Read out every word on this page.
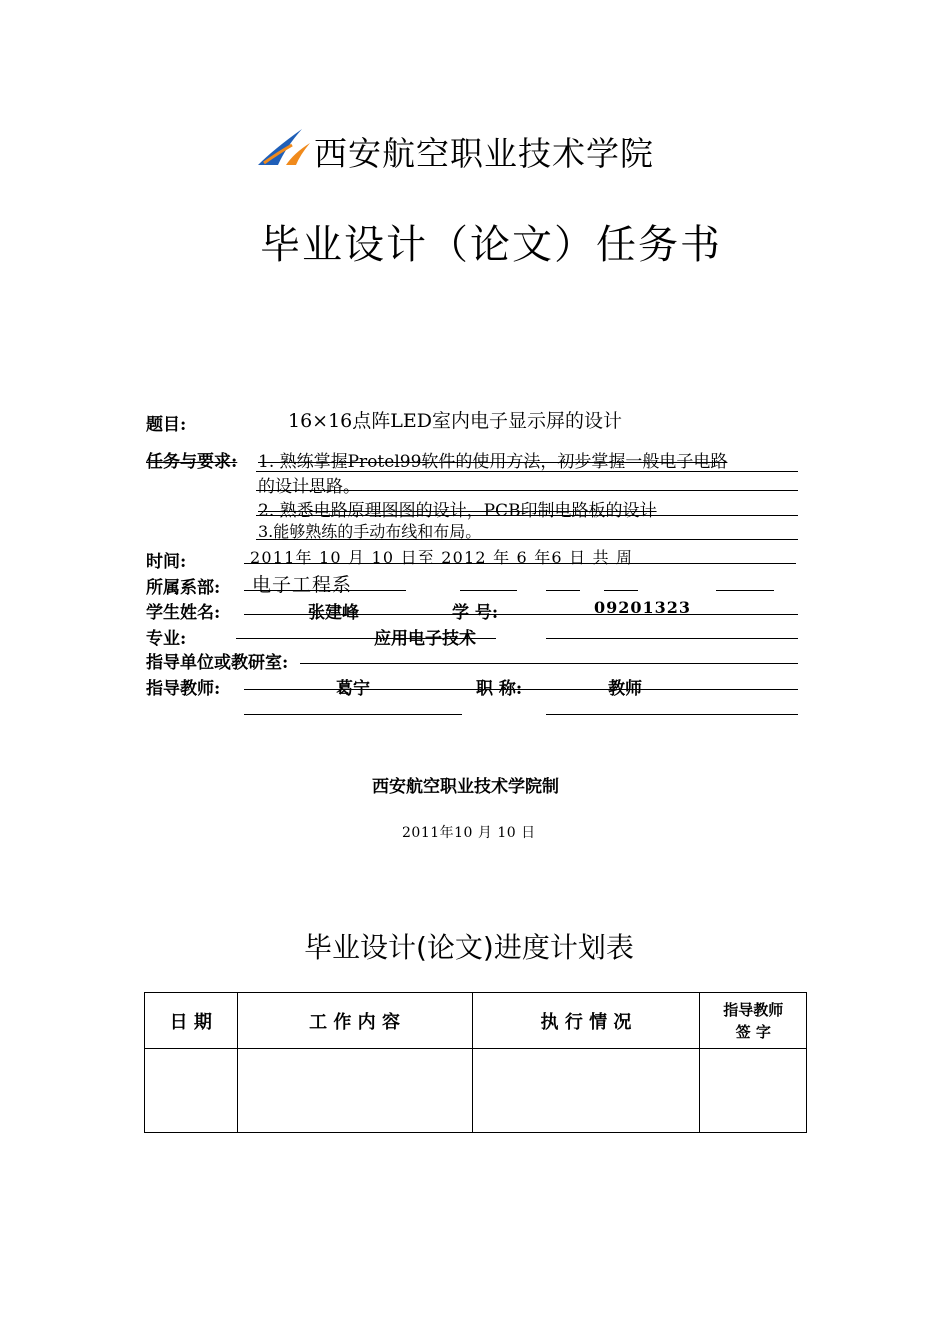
西安航空职业技术学院
毕业设计（论文）任务书
题目:	16×16点阵LED室内电子显示屏的设计
任务与要求: 1. 熟练掌握Protel99软件的使用方法，初步掌握一般电子电路
的设计思路。
2. 熟悉电路原理图图的设计，PCB印制电路板的设计
3.能够熟练的手动布线和布局。
时间:	2011年 10 月 10 日至 2012 年 6 年6 日 共 周
所属系部: 电子工程系
学生姓名:	张建峰	学 号:	09201323
专业:	应用电子技术
指导单位或教研室:
指导教师:	葛宁	职 称:	教师
西安航空职业技术学院制
2011年10 月 10 日
毕业设计(论文)进度计划表
日 期	工 作 内 容	执 行 情 况	指导教师
签 字
